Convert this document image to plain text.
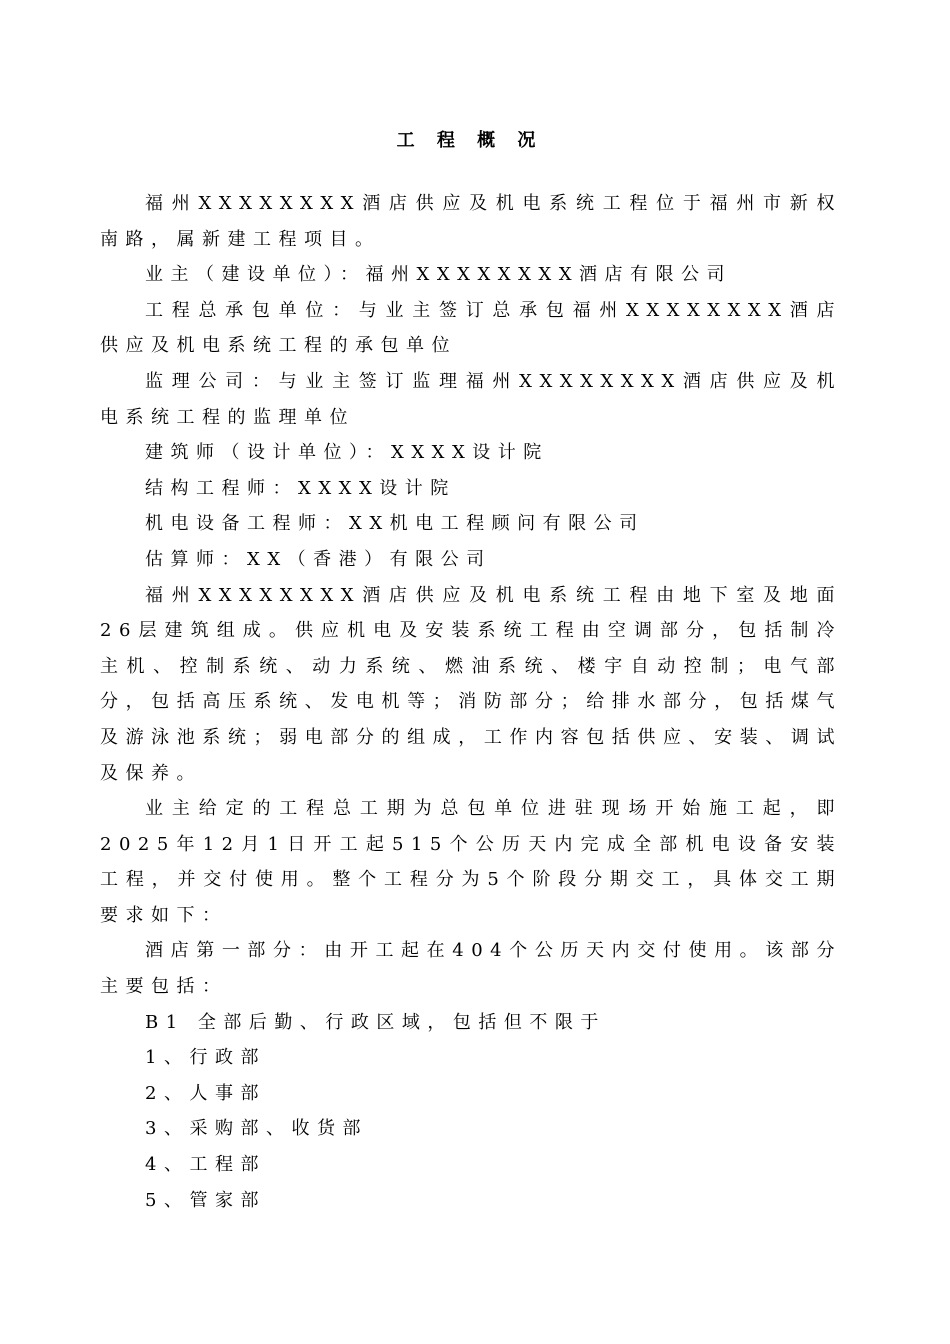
工 程 概 况

福州XXXXXXXX酒店供应及机电系统工程位于福州市新权南路，属新建工程项目。

业主（建设单位）：福州XXXXXXXX酒店有限公司

工程总承包单位：与业主签订总承包福州XXXXXXXX酒店供应及机电系统工程的承包单位

监理公司：与业主签订监理福州XXXXXXXX酒店供应及机电系统工程的监理单位

建筑师（设计单位）：XXXX设计院

结构工程师：XXXX设计院

机电设备工程师：XX机电工程顾问有限公司

估算师：XX（香港）有限公司

福州XXXXXXXX酒店供应及机电系统工程由地下室及地面26层建筑组成。供应机电及安装系统工程由空调部分，包括制冷主机、控制系统、动力系统、燃油系统、楼宇自动控制；电气部分，包括高压系统、发电机等；消防部分；给排水部分，包括煤气及游泳池系统；弱电部分的组成，工作内容包括供应、安装、调试及保养。

业主给定的工程总工期为总包单位进驻现场开始施工起，即2025年12月1日开工起515个公历天内完成全部机电设备安装工程，并交付使用。整个工程分为5个阶段分期交工，具体交工期要求如下：

酒店第一部分：由开工起在404个公历天内交付使用。该部分主要包括：

B1 全部后勤、行政区域，包括但不限于

1、行政部

2、人事部

3、采购部、收货部

4、工程部

5、管家部
